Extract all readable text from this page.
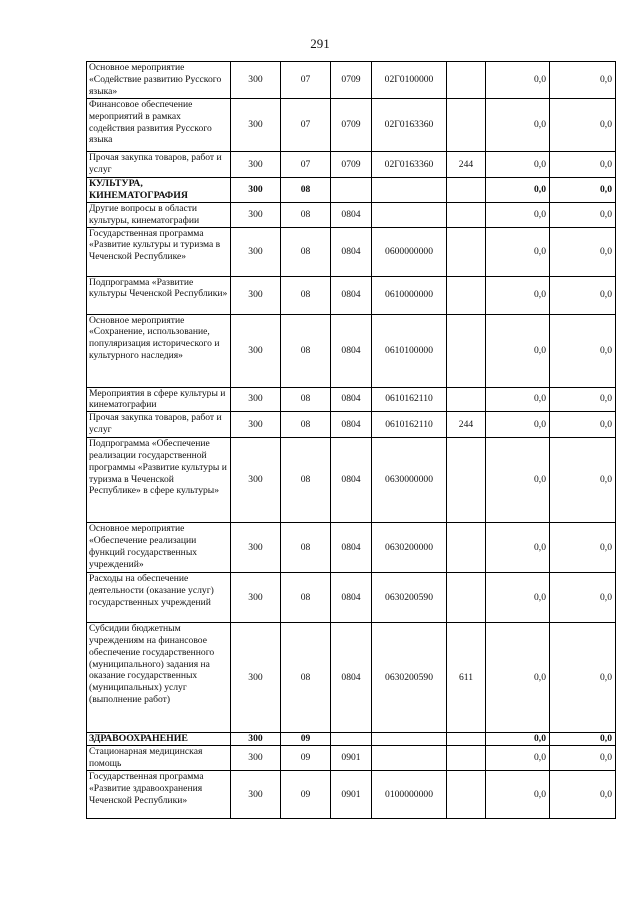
291
Основное мероприятие «Содействие развитию Русского языка»	300	07	0709	02Г0100000		0,0	0,0
Финансовое обеспечение мероприятий в рамках содействия развития Русского языка	300	07	0709	02Г0163360		0,0	0,0
Прочая закупка товаров, работ и услуг	300	07	0709	02Г0163360	244	0,0	0,0
КУЛЬТУРА, КИНЕМАТОГРАФИЯ	300	08				0,0	0,0
Другие вопросы в области культуры, кинематографии	300	08	0804			0,0	0,0
Государственная программа «Развитие культуры и туризма в Чеченской Республике»	300	08	0804	0600000000		0,0	0,0
Подпрограмма «Развитие культуры Чеченской Республики»	300	08	0804	0610000000		0,0	0,0
Основное мероприятие «Сохранение, использование, популяризация исторического и культурного наследия»	300	08	0804	0610100000		0,0	0,0
Мероприятия в сфере культуры и кинематографии	300	08	0804	0610162110		0,0	0,0
Прочая закупка товаров, работ и услуг	300	08	0804	0610162110	244	0,0	0,0
Подпрограмма «Обеспечение реализации государственной программы «Развитие культуры и туризма в Чеченской Республике» в сфере культуры»	300	08	0804	0630000000		0,0	0,0
Основное мероприятие «Обеспечение реализации функций государственных учреждений»	300	08	0804	0630200000		0,0	0,0
Расходы на обеспечение деятельности (оказание услуг) государственных учреждений	300	08	0804	0630200590		0,0	0,0
Субсидии бюджетным учреждениям на финансовое обеспечение государственного (муниципального) задания на оказание государственных (муниципальных) услуг (выполнение работ)	300	08	0804	0630200590	611	0,0	0,0
ЗДРАВООХРАНЕНИЕ	300	09				0,0	0,0
Стационарная медицинская помощь	300	09	0901			0,0	0,0
Государственная программа «Развитие здравоохранения Чеченской Республики»	300	09	0901	0100000000		0,0	0,0
